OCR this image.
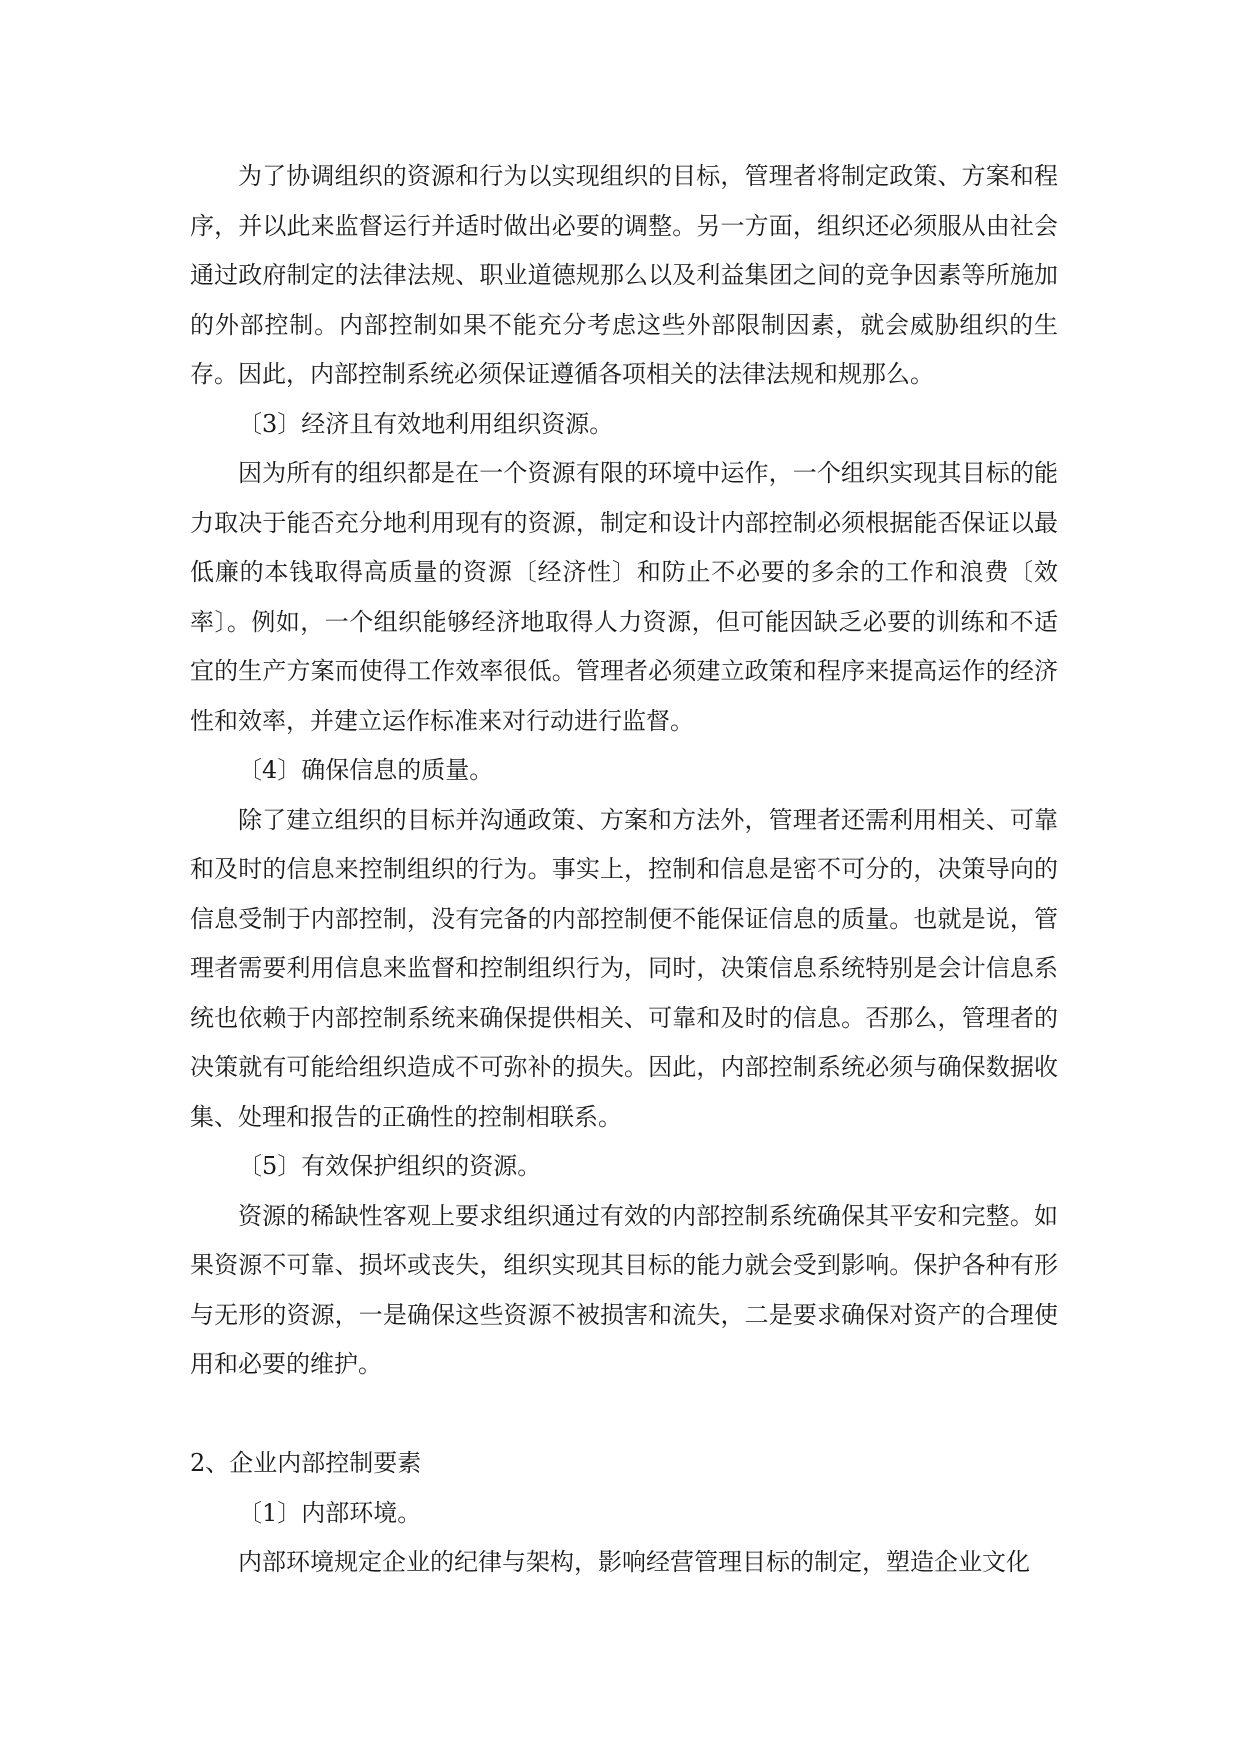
为了协调组织的资源和行为以实现组织的目标，管理者将制定政策、方案和程序，并以此来监督运行并适时做出必要的调整。另一方面，组织还必须服从由社会通过政府制定的法律法规、职业道德规那么以及利益集团之间的竞争因素等所施加的外部控制。内部控制如果不能充分考虑这些外部限制因素，就会威胁组织的生存。因此，内部控制系统必须保证遵循各项相关的法律法规和规那么。

〔3〕经济且有效地利用组织资源。

因为所有的组织都是在一个资源有限的环境中运作，一个组织实现其目标的能力取决于能否充分地利用现有的资源，制定和设计内部控制必须根据能否保证以最低廉的本钱取得高质量的资源〔经济性〕和防止不必要的多余的工作和浪费〔效率〕。例如，一个组织能够经济地取得人力资源，但可能因缺乏必要的训练和不适宜的生产方案而使得工作效率很低。管理者必须建立政策和程序来提高运作的经济性和效率，并建立运作标准来对行动进行监督。

〔4〕确保信息的质量。

除了建立组织的目标并沟通政策、方案和方法外，管理者还需利用相关、可靠和及时的信息来控制组织的行为。事实上，控制和信息是密不可分的，决策导向的信息受制于内部控制，没有完备的内部控制便不能保证信息的质量。也就是说，管理者需要利用信息来监督和控制组织行为，同时，决策信息系统特别是会计信息系统也依赖于内部控制系统来确保提供相关、可靠和及时的信息。否那么，管理者的决策就有可能给组织造成不可弥补的损失。因此，内部控制系统必须与确保数据收集、处理和报告的正确性的控制相联系。

〔5〕有效保护组织的资源。

资源的稀缺性客观上要求组织通过有效的内部控制系统确保其平安和完整。如果资源不可靠、损坏或丧失，组织实现其目标的能力就会受到影响。保护各种有形与无形的资源，一是确保这些资源不被损害和流失，二是要求确保对资产的合理使用和必要的维护。

2、企业内部控制要素

〔1〕内部环境。

内部环境规定企业的纪律与架构，影响经营管理目标的制定，塑造企业文化
